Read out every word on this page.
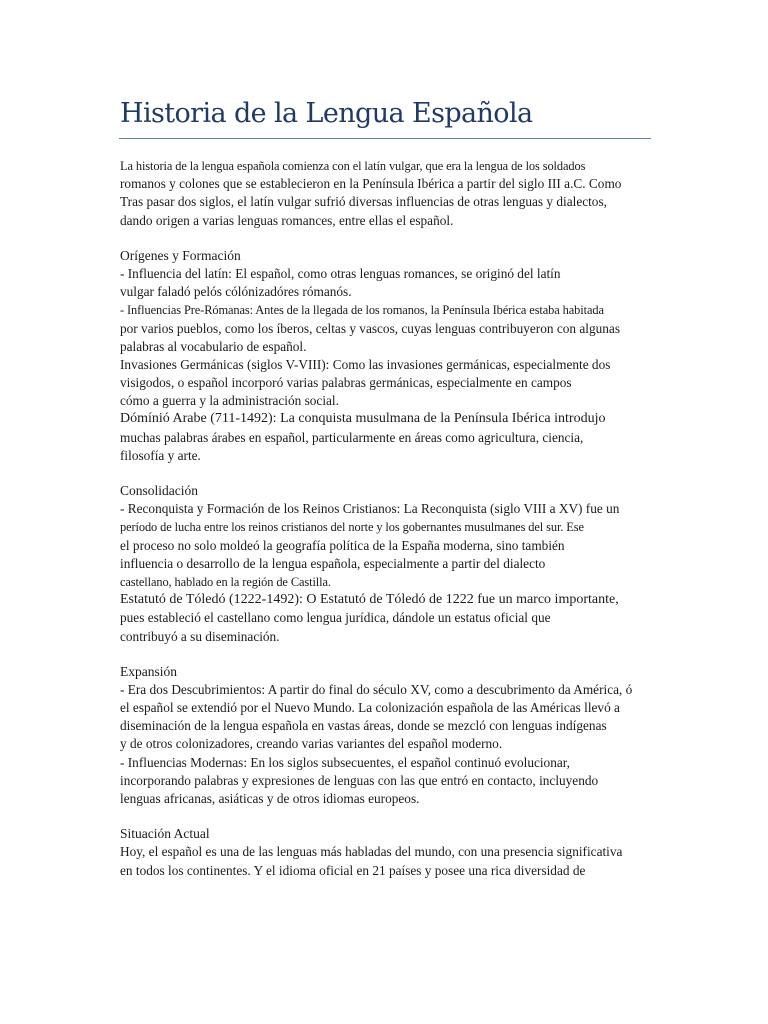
Historia de la Lengua Española
La historia de la lengua española comienza con el latín vulgar, que era la lengua de los soldados
romanos y colones que se establecieron en la Península Ibérica a partir del siglo III a.C. Como
Tras pasar dos siglos, el latín vulgar sufrió diversas influencias de otras lenguas y dialectos,
dando origen a varias lenguas romances, entre ellas el español.
Orígenes y Formación
- Influencia del latín: El español, como otras lenguas romances, se originó del latín
vulgar faladó pelós cólónizadóres rómanós.
- Influencias Pre-Rómanas: Antes de la llegada de los romanos, la Península Ibérica estaba habitada
por varios pueblos, como los íberos, celtas y vascos, cuyas lenguas contribuyeron con algunas
palabras al vocabulario de español.
Invasiones Germánicas (siglos V-VIII): Como las invasiones germánicas, especialmente dos
visigodos, o español incorporó varias palabras germánicas, especialmente en campos
cómo a guerra y la administración social.
Dómínió Arabe (711-1492): La conquista musulmana de la Península Ibérica introdujo
muchas palabras árabes en español, particularmente en áreas como agricultura, ciencia,
filosofía y arte.
Consolidación
- Reconquista y Formación de los Reinos Cristianos: La Reconquista (siglo VIII a XV) fue un
período de lucha entre los reinos cristianos del norte y los gobernantes musulmanes del sur. Ese
el proceso no solo moldeó la geografía política de la España moderna, sino también
influencia o desarrollo de la lengua española, especialmente a partir del dialecto
castellano, hablado en la región de Castilla.
Estatutó de Tóledó (1222-1492): O Estatutó de Tóledó de 1222 fue un marco importante,
pues estableció el castellano como lengua jurídica, dándole un estatus oficial que
contribuyó a su diseminación.
Expansión
- Era dos Descubrimientos: A partir do final do século XV, como a descubrimento da América, ó
el español se extendió por el Nuevo Mundo. La colonización española de las Américas llevó a
diseminación de la lengua española en vastas áreas, donde se mezcló con lenguas indígenas
y de otros colonizadores, creando varias variantes del español moderno.
- Influencias Modernas: En los siglos subsecuentes, el español continuó evolucionar,
incorporando palabras y expresiones de lenguas con las que entró en contacto, incluyendo
lenguas africanas, asiáticas y de otros idiomas europeos.
Situación Actual
Hoy, el español es una de las lenguas más habladas del mundo, con una presencia significativa
en todos los continentes. Y el idioma oficial en 21 países y posee una rica diversidad de
